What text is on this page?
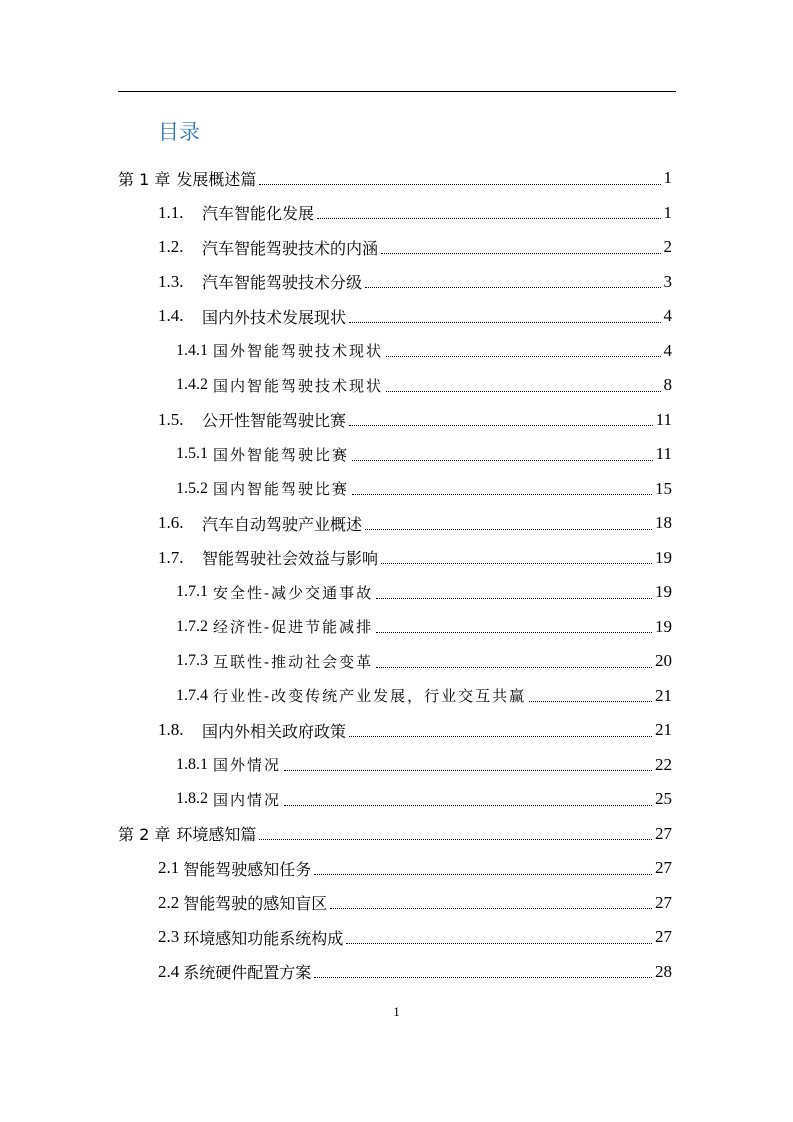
目录
第 1 章 发展概述篇	1
1.1.	汽车智能化发展	1
1.2.	汽车智能驾驶技术的内涵	2
1.3.	汽车智能驾驶技术分级	3
1.4.	国内外技术发展现状	4
1.4.1 国外智能驾驶技术现状	4
1.4.2 国内智能驾驶技术现状	8
1.5.	公开性智能驾驶比赛	11
1.5.1 国外智能驾驶比赛	11
1.5.2 国内智能驾驶比赛	15
1.6.	汽车自动驾驶产业概述	18
1.7.	智能驾驶社会效益与影响	19
1.7.1 安全性-减少交通事故	19
1.7.2 经济性-促进节能减排	19
1.7.3 互联性-推动社会变革	20
1.7.4 行业性-改变传统产业发展，行业交互共赢	21
1.8.	国内外相关政府政策	21
1.8.1 国外情况	22
1.8.2 国内情况	25
第 2 章 环境感知篇	27
2.1 智能驾驶感知任务	27
2.2 智能驾驶的感知盲区	27
2.3 环境感知功能系统构成	27
2.4 系统硬件配置方案	28
1
